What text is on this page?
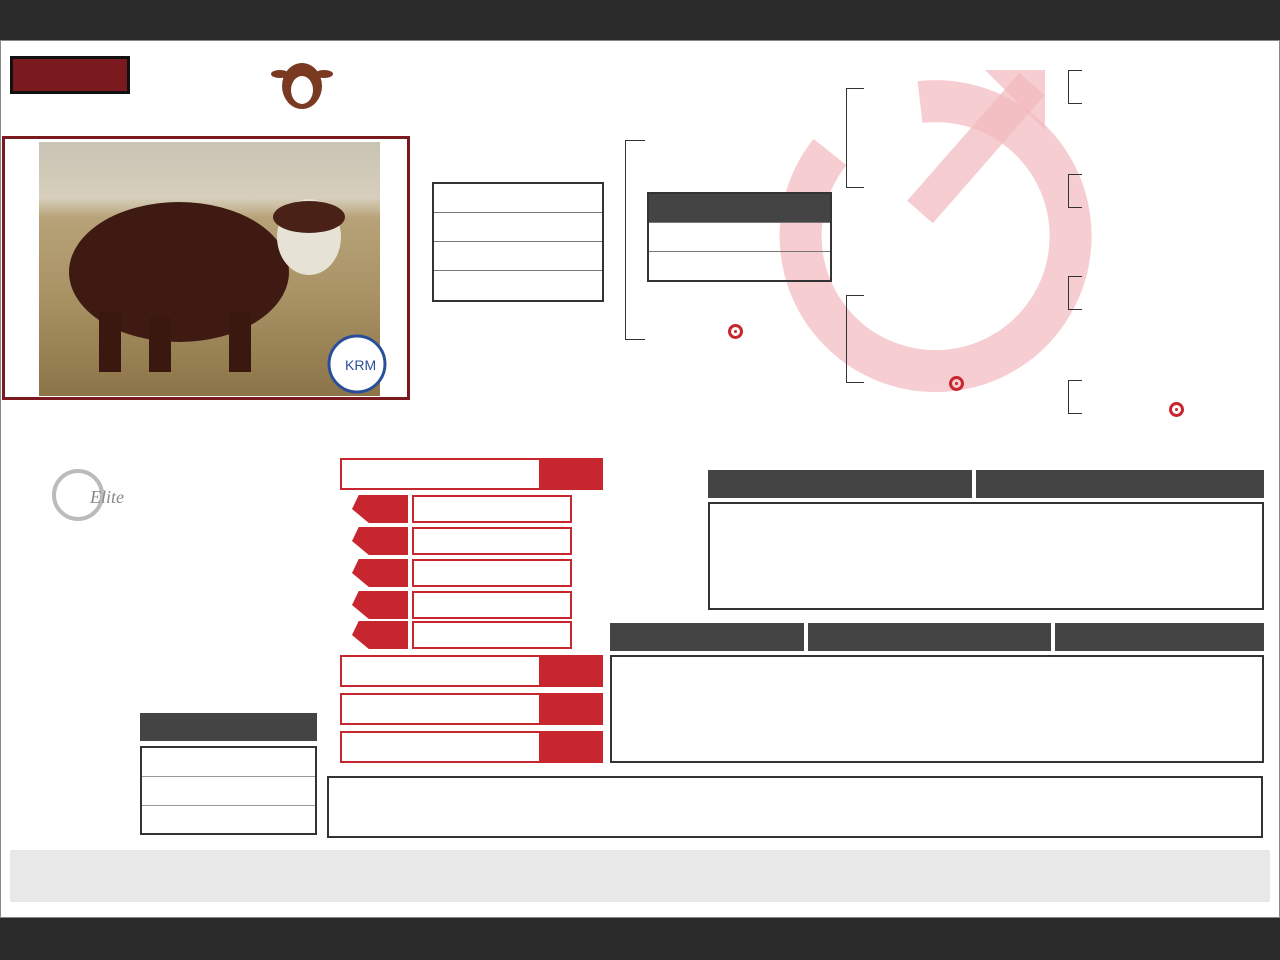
KRM
Elite
